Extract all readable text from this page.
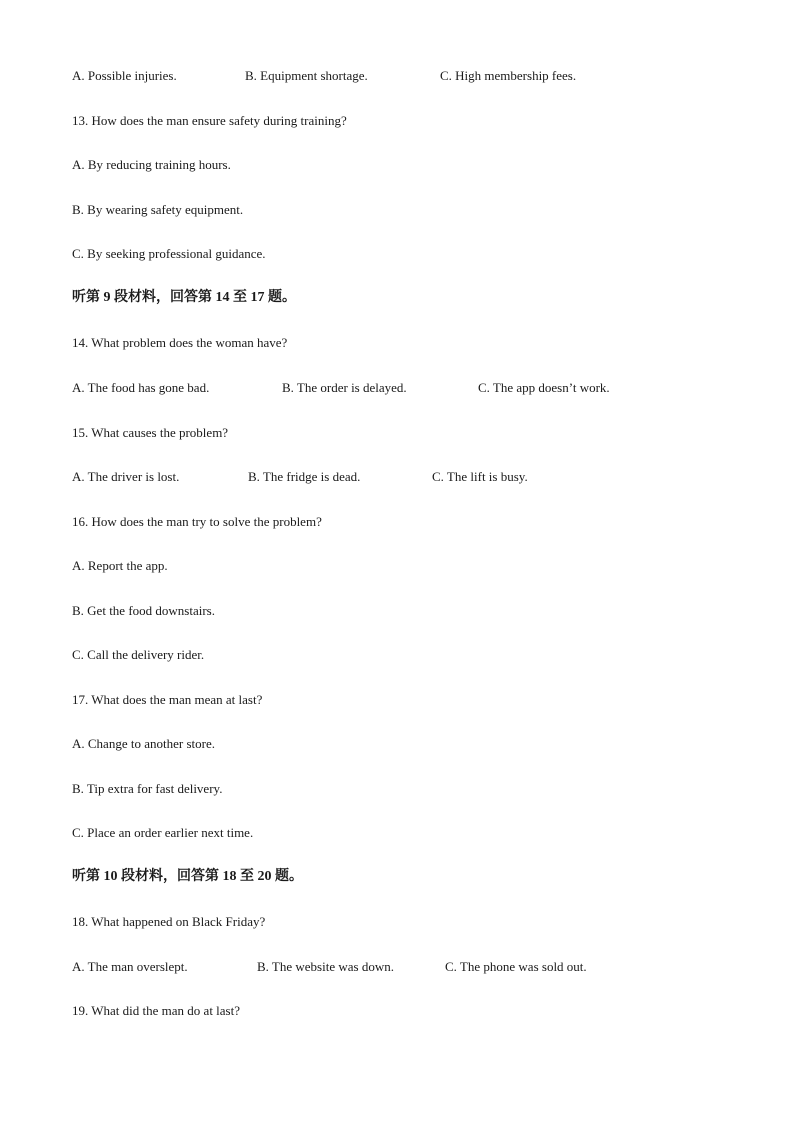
A. Possible injuries.	B. Equipment shortage.	C. High membership fees.
13. How does the man ensure safety during training?
A. By reducing training hours.
B. By wearing safety equipment.
C. By seeking professional guidance.
听第 9 段材料，回答第 14 至 17 题。
14. What problem does the woman have?
A. The food has gone bad.	B. The order is delayed.	C. The app doesn’t work.
15. What causes the problem?
A. The driver is lost.	B. The fridge is dead.	C. The lift is busy.
16. How does the man try to solve the problem?
A. Report the app.
B. Get the food downstairs.
C. Call the delivery rider.
17. What does the man mean at last?
A. Change to another store.
B. Tip extra for fast delivery.
C. Place an order earlier next time.
听第 10 段材料，回答第 18 至 20 题。
18. What happened on Black Friday?
A. The man overslept.	B. The website was down.	C. The phone was sold out.
19. What did the man do at last?
